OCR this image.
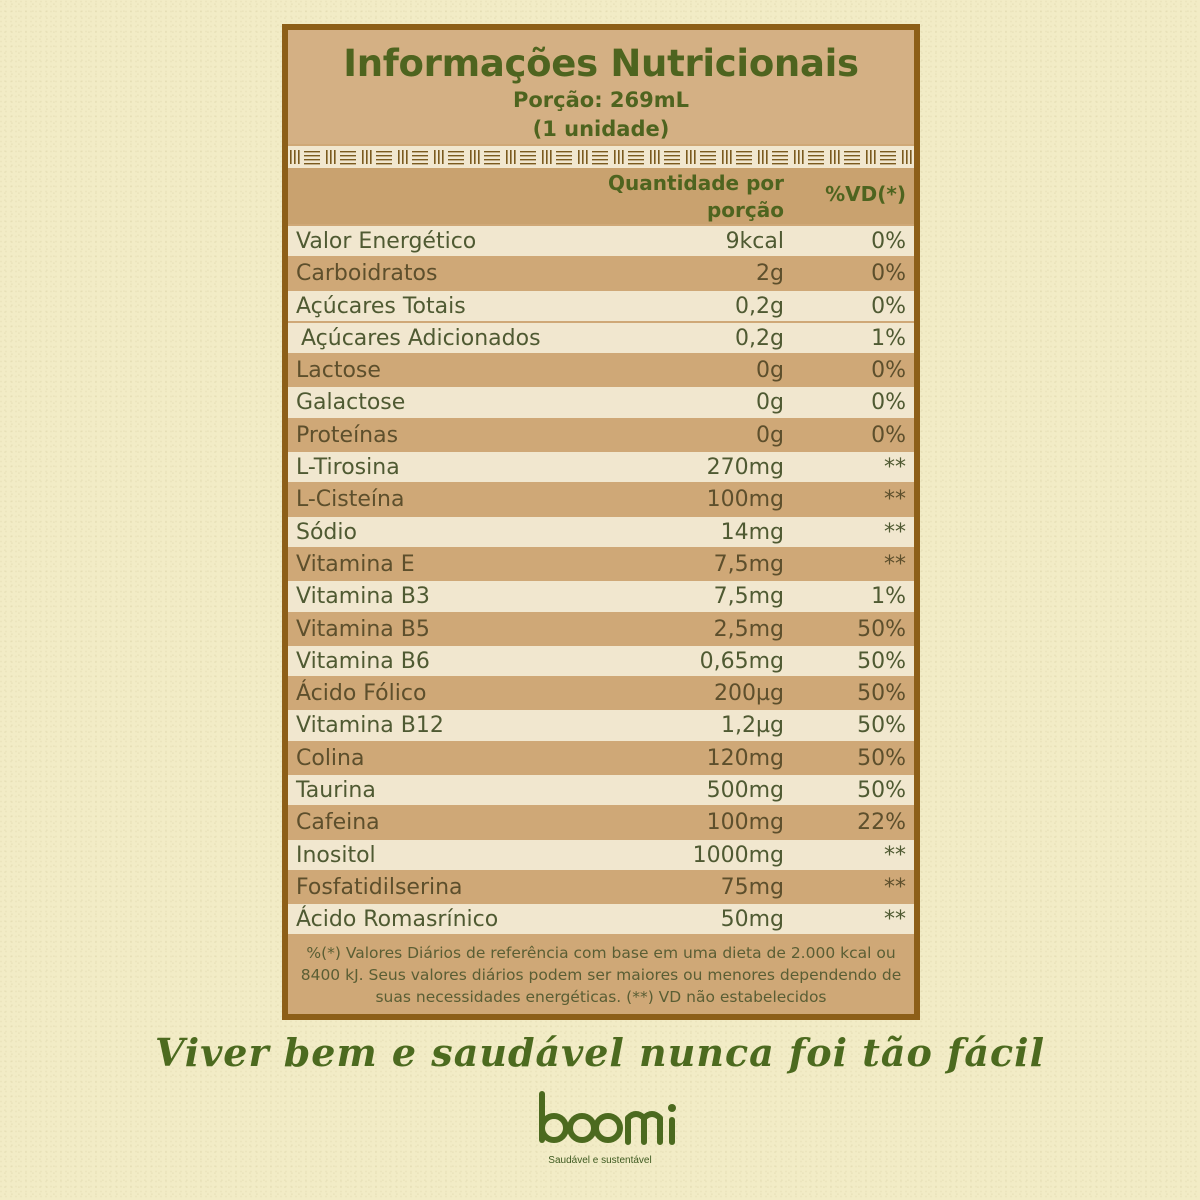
Informações Nutricionais
Porção: 269mL
(1 unidade)
Quantidade por
porção
%VD(*)
Valor Energético	9kcal	0%
Carboidratos	2g	0%
Açúcares Totais	0,2g	0%
Açúcares Adicionados	0,2g	1%
Lactose	0g	0%
Galactose	0g	0%
Proteínas	0g	0%
L-Tirosina	270mg	**
L-Cisteína	100mg	**
Sódio	14mg	**
Vitamina E	7,5mg	**
Vitamina B3	7,5mg	1%
Vitamina B5	2,5mg	50%
Vitamina B6	0,65mg	50%
Ácido Fólico	200µg	50%
Vitamina B12	1,2µg	50%
Colina	120mg	50%
Taurina	500mg	50%
Cafeina	100mg	22%
Inositol	1000mg	**
Fosfatidilserina	75mg	**
Ácido Romasrínico	50mg	**
%(*) Valores Diários de referência com base em uma dieta de 2.000 kcal ou
8400 kJ. Seus valores diários podem ser maiores ou menores dependendo de
suas necessidades energéticas. (**) VD não estabelecidos
Viver bem e saudável nunca foi tão fácil
Saudável e sustentável
